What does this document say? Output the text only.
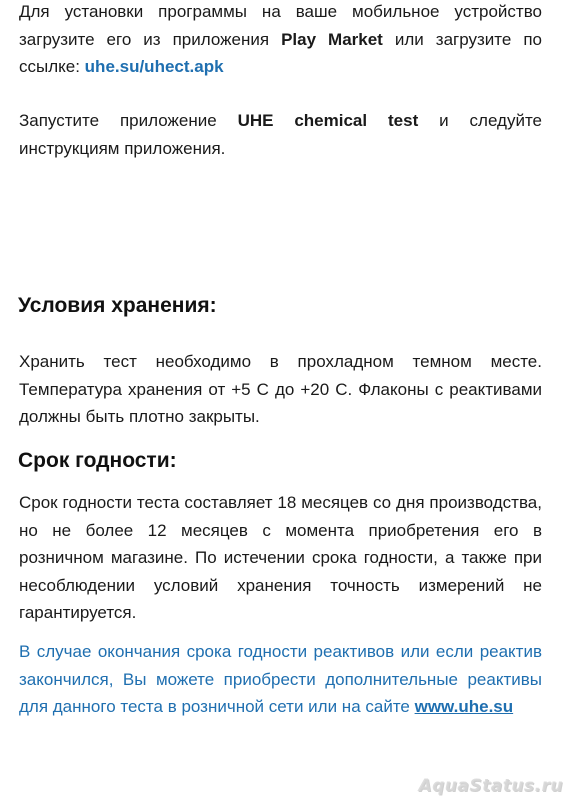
Для установки программы на ваше мобильное устройство загрузите его из приложения Play Market или загрузите по ссылке: uhe.su/uhect.apk

Запустите приложение UHE chemical test и следуйте инструкциям приложения.

Условия хранения:

Хранить тест необходимо в прохладном темном месте. Температура хранения от +5 С до +20 С. Флаконы с реактивами должны быть плотно закрыты.

Срок годности:

Срок годности теста составляет 18 месяцев со дня производства, но не более 12 месяцев с момента приобретения его в розничном магазине. По истечении срока годности, а также при несоблюдении условий хранения точность измерений не гарантируется.

В случае окончания срока годности реактивов или если реактив закончился, Вы можете приобрести дополнительные реактивы для данного теста в розничной сети или на сайте www.uhe.su

AquaStatus.ru
